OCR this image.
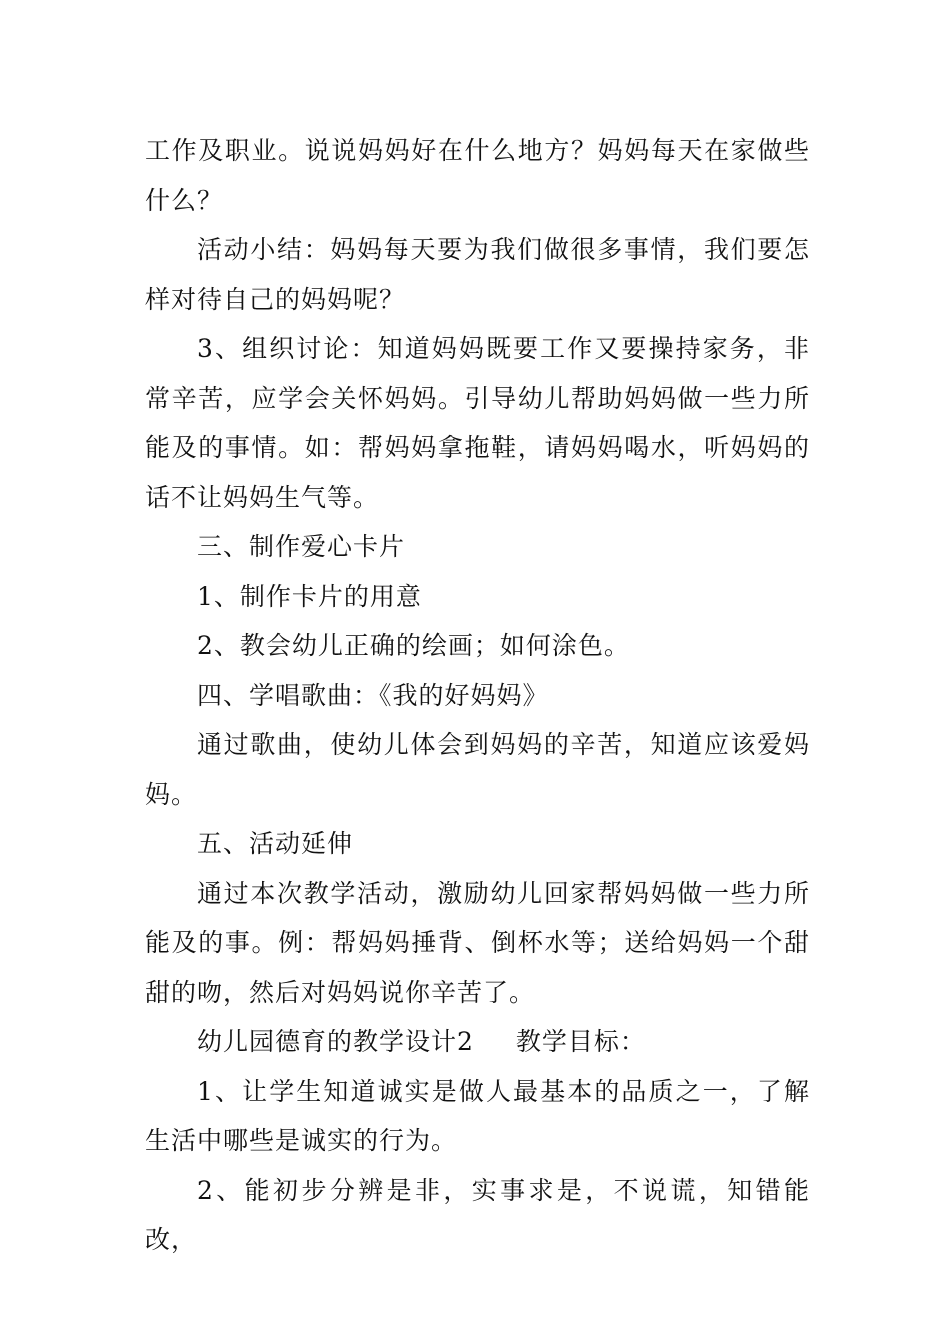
工作及职业。说说妈妈好在什么地方？妈妈每天在家做些什么？

活动小结：妈妈每天要为我们做很多事情，我们要怎样对待自己的妈妈呢？

3、组织讨论：知道妈妈既要工作又要操持家务，非常辛苦，应学会关怀妈妈。引导幼儿帮助妈妈做一些力所能及的事情。如：帮妈妈拿拖鞋，请妈妈喝水，听妈妈的话不让妈妈生气等。

三、制作爱心卡片

1、制作卡片的用意

2、教会幼儿正确的绘画；如何涂色。

四、学唱歌曲：《我的好妈妈》

通过歌曲，使幼儿体会到妈妈的辛苦，知道应该爱妈妈。

五、活动延伸

通过本次教学活动，激励幼儿回家帮妈妈做一些力所能及的事。例：帮妈妈捶背、倒杯水等；送给妈妈一个甜甜的吻，然后对妈妈说你辛苦了。

幼儿园德育的教学设计2 教学目标：

1、让学生知道诚实是做人最基本的品质之一，了解生活中哪些是诚实的行为。

2、能初步分辨是非，实事求是，不说谎，知错能改，
